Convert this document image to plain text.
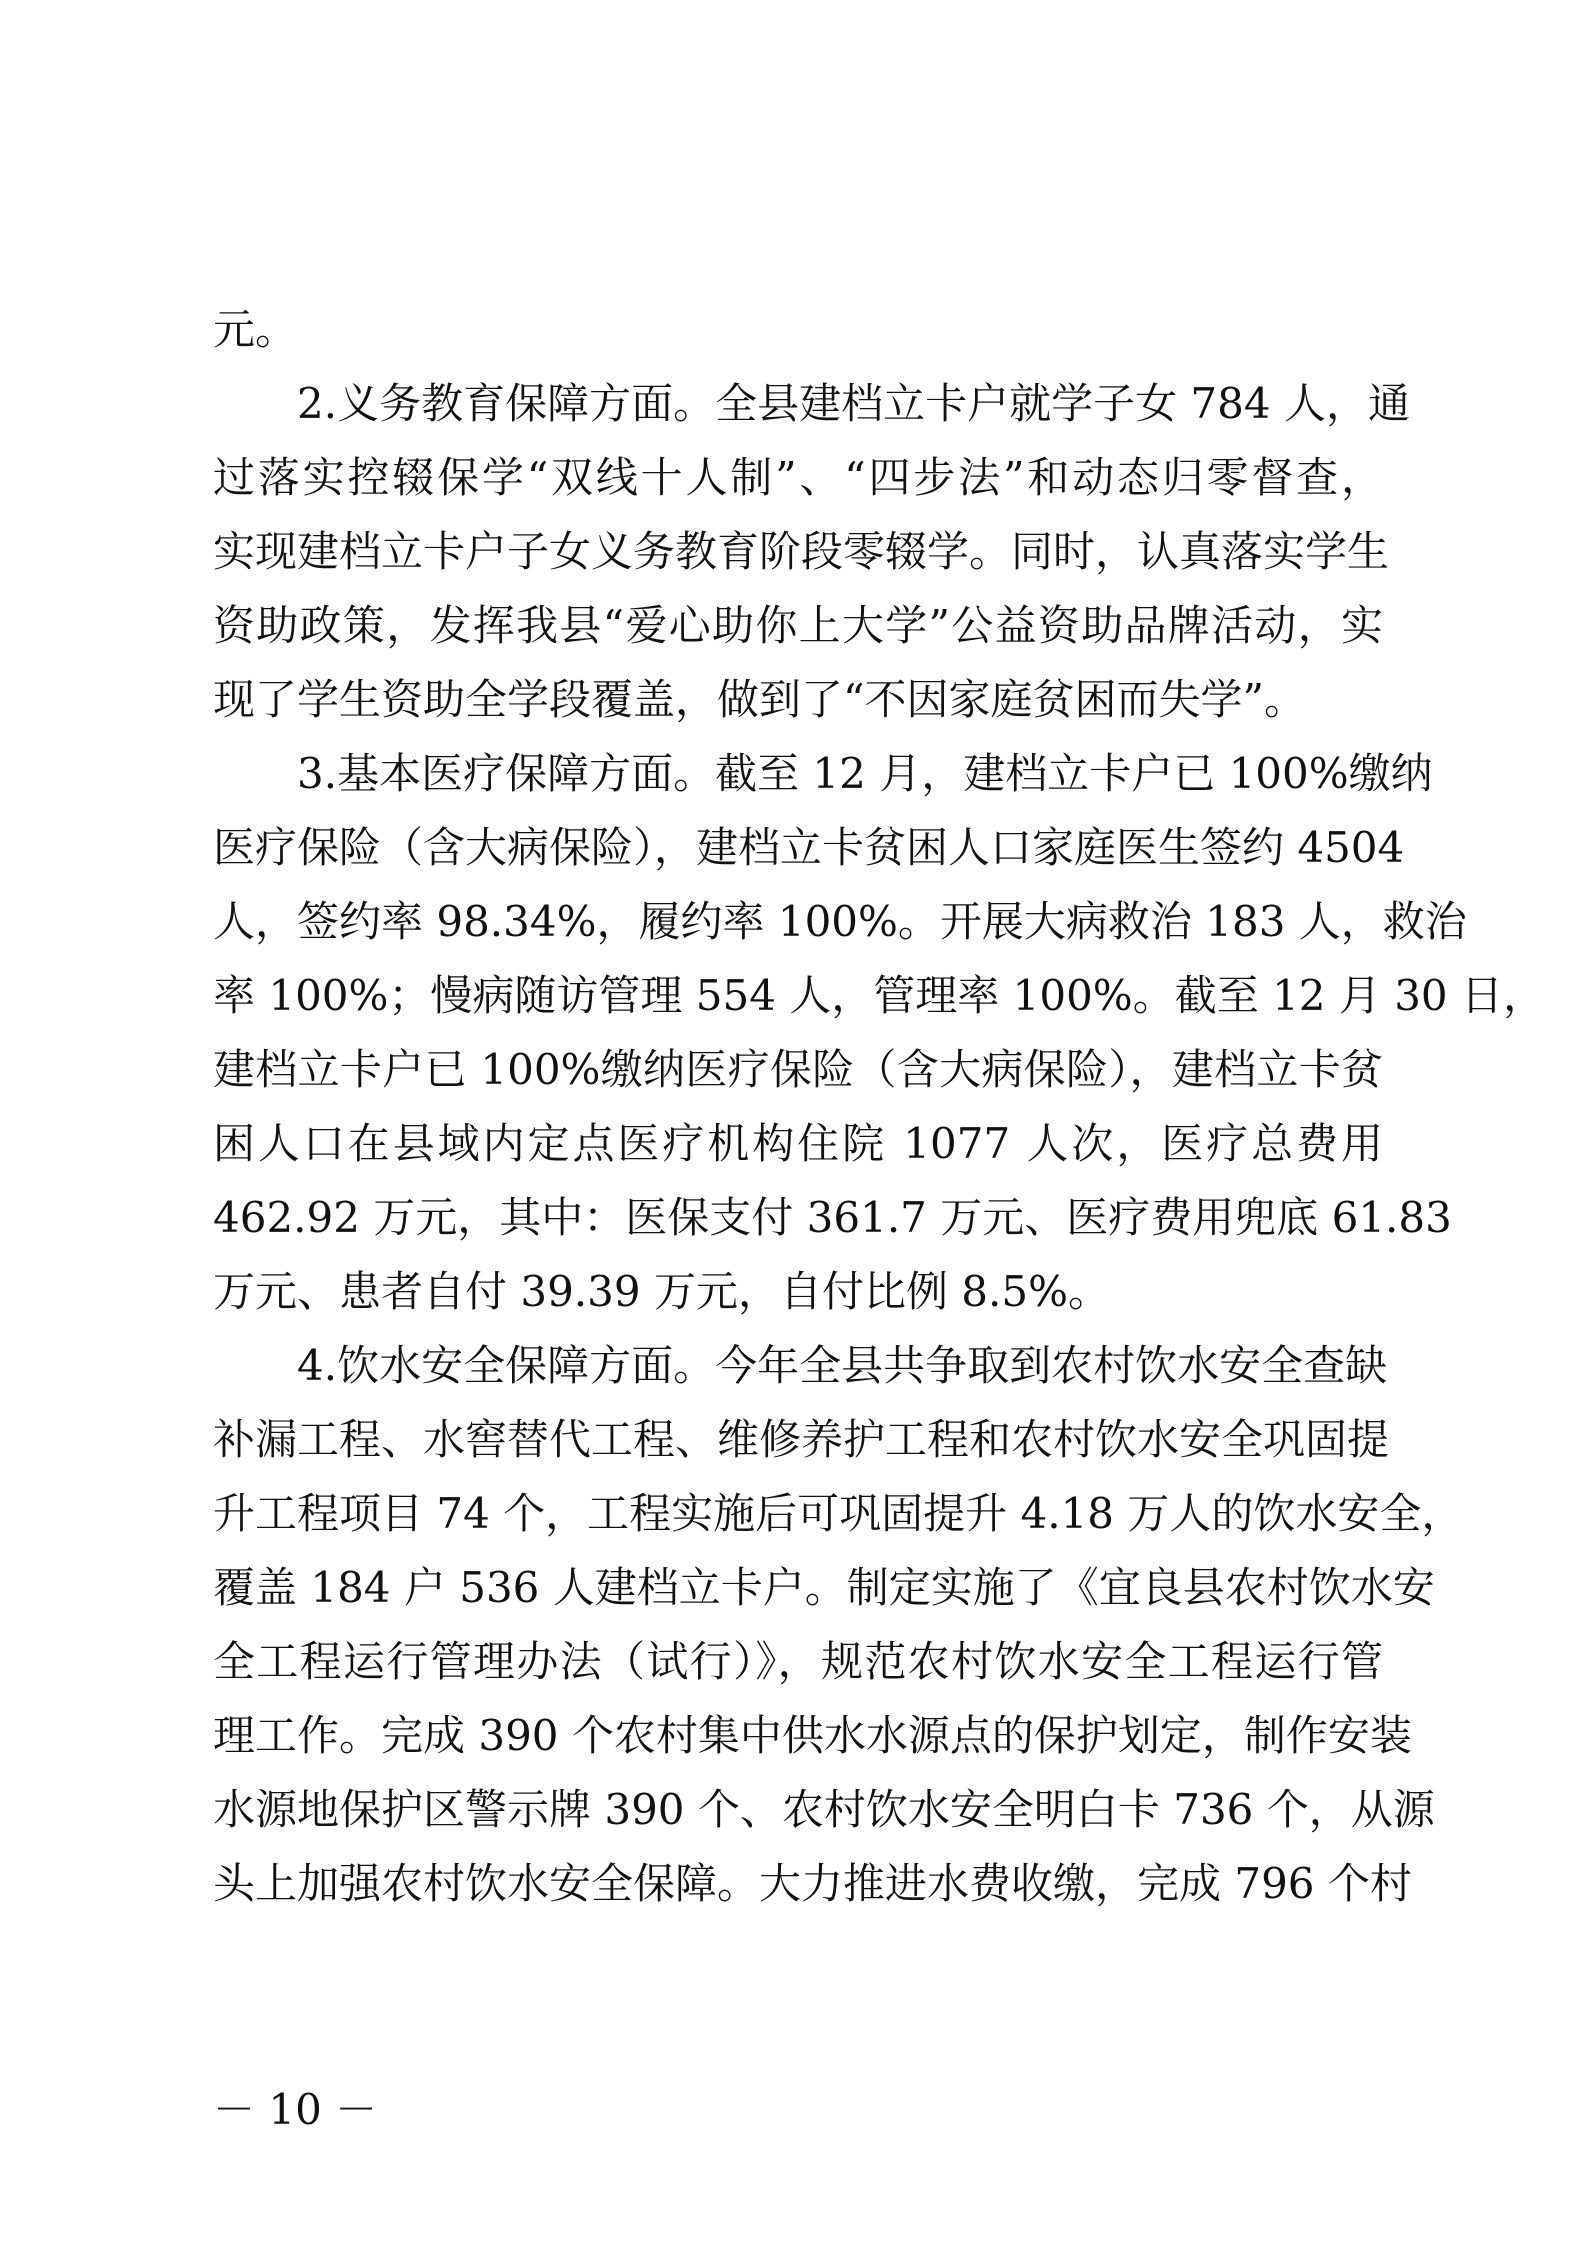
元。
2.义务教育保障方面。全县建档立卡户就学子女 784 人，通
过落实控辍保学“双线十人制”、“四步法”和动态归零督查，
实现建档立卡户子女义务教育阶段零辍学。同时，认真落实学生
资助政策，发挥我县“爱心助你上大学”公益资助品牌活动，实
现了学生资助全学段覆盖，做到了“不因家庭贫困而失学”。
3.基本医疗保障方面。截至 12 月，建档立卡户已 100%缴纳
医疗保险（含大病保险），建档立卡贫困人口家庭医生签约 4504
人，签约率 98.34%，履约率 100%。开展大病救治 183 人，救治
率 100%；慢病随访管理 554 人，管理率 100%。截至 12 月 30 日，
建档立卡户已 100%缴纳医疗保险（含大病保险），建档立卡贫
困人口在县域内定点医疗机构住院 1077 人次，医疗总费用
462.92 万元，其中：医保支付 361.7 万元、医疗费用兜底 61.83
万元、患者自付 39.39 万元，自付比例 8.5%。
4.饮水安全保障方面。今年全县共争取到农村饮水安全查缺
补漏工程、水窖替代工程、维修养护工程和农村饮水安全巩固提
升工程项目 74 个，工程实施后可巩固提升 4.18 万人的饮水安全，
覆盖 184 户 536 人建档立卡户。制定实施了《宜良县农村饮水安
全工程运行管理办法（试行）》，规范农村饮水安全工程运行管
理工作。完成 390 个农村集中供水水源点的保护划定，制作安装
水源地保护区警示牌 390 个、农村饮水安全明白卡 736 个，从源
头上加强农村饮水安全保障。大力推进水费收缴，完成 796 个村
－ 10 －
